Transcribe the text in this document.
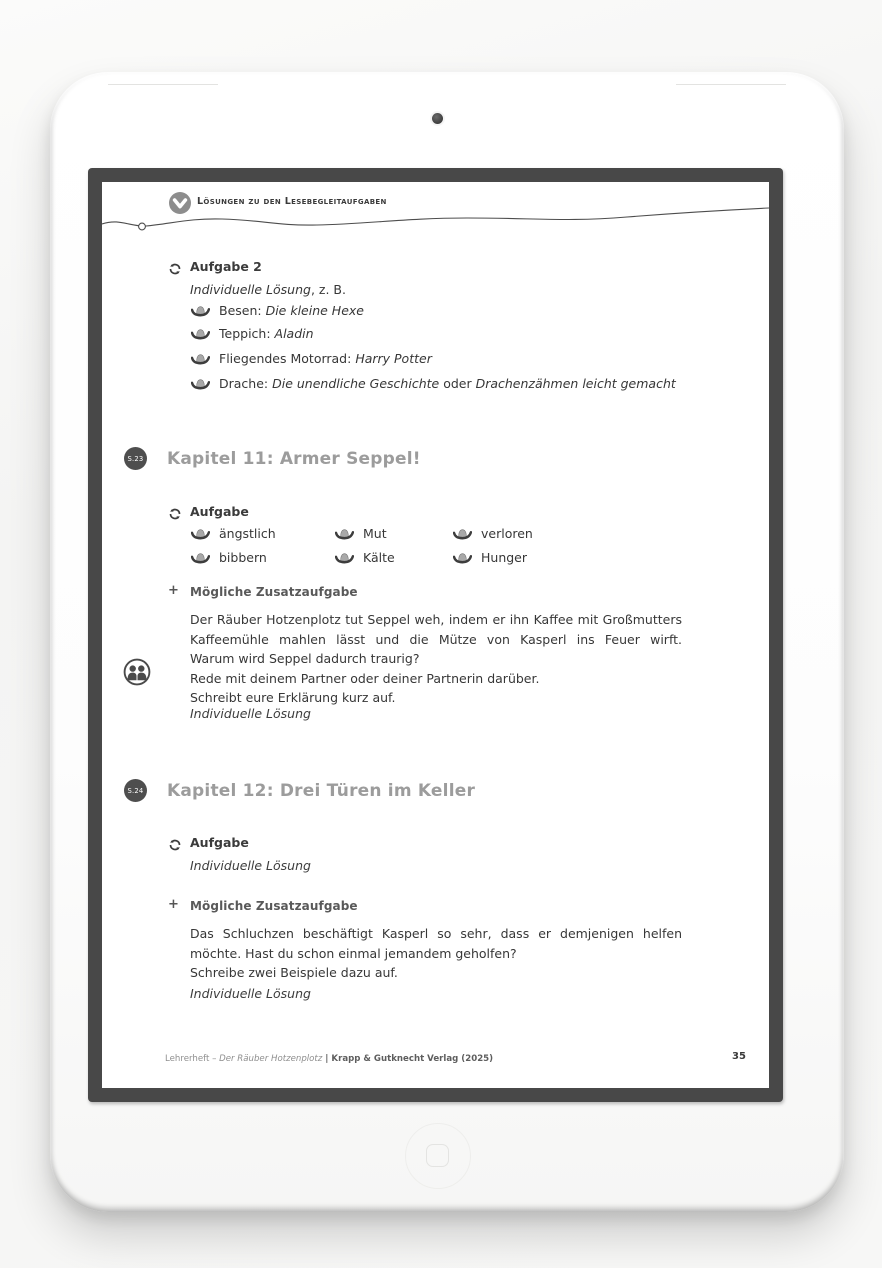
Lösungen zu den Lesebegleitaufgaben
Aufgabe 2
Individuelle Lösung, z. B.
Besen: Die kleine Hexe
Teppich: Aladin
Fliegendes Motorrad: Harry Potter
Drache: Die unendliche Geschichte oder Drachenzähmen leicht gemacht
S.23 Kapitel 11: Armer Seppel!
Aufgabe
ängstlich	Mut	verloren
bibbern	Kälte	Hunger
+ Mögliche Zusatzaufgabe
Der Räuber Hotzenplotz tut Seppel weh, indem er ihn Kaffee mit Großmutters
Kaffeemühle mahlen lässt und die Mütze von Kasperl ins Feuer wirft.
Warum wird Seppel dadurch traurig?
Rede mit deinem Partner oder deiner Partnerin darüber.
Schreibt eure Erklärung kurz auf.
Individuelle Lösung
S.24 Kapitel 12: Drei Türen im Keller
Aufgabe
Individuelle Lösung
+ Mögliche Zusatzaufgabe
Das Schluchzen beschäftigt Kasperl so sehr, dass er demjenigen helfen
möchte. Hast du schon einmal jemandem geholfen?
Schreibe zwei Beispiele dazu auf.
Individuelle Lösung
Lehrerheft – Der Räuber Hotzenplotz | Krapp & Gutknecht Verlag (2025)	35
